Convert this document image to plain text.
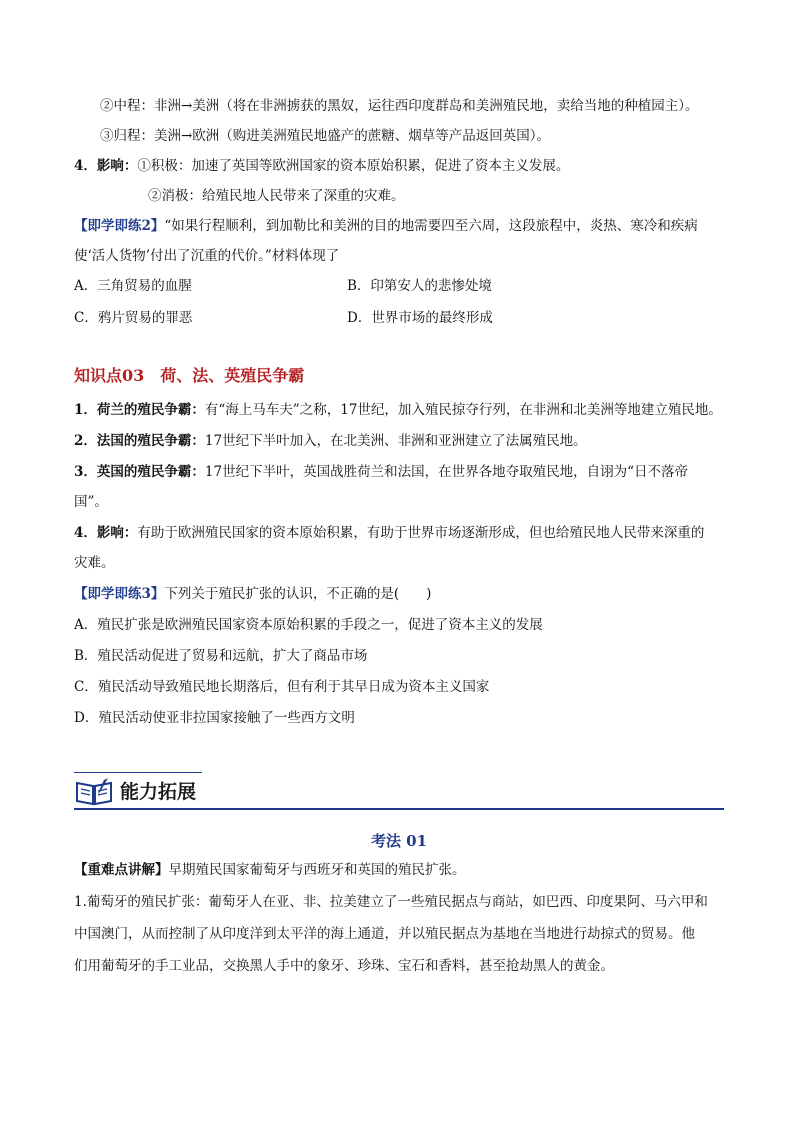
②中程：非洲→美洲（将在非洲掳获的黑奴，运往西印度群岛和美洲殖民地，卖给当地的种植园主）。
③归程：美洲→欧洲（购进美洲殖民地盛产的蔗糖、烟草等产品返回英国）。
4．影响：①积极：加速了英国等欧洲国家的资本原始积累，促进了资本主义发展。
②消极：给殖民地人民带来了深重的灾难。
【即学即练2】“如果行程顺利，到加勒比和美洲的目的地需要四至六周，这段旅程中，炎热、寒冷和疾病
使‘活人货物’付出了沉重的代价。”材料体现了
A．三角贸易的血腥	B．印第安人的悲惨处境
C．鸦片贸易的罪恶	D．世界市场的最终形成
知识点03　荷、法、英殖民争霸
1．荷兰的殖民争霸：有“海上马车夫”之称，17世纪，加入殖民掠夺行列，在非洲和北美洲等地建立殖民地。
2．法国的殖民争霸：17世纪下半叶加入，在北美洲、非洲和亚洲建立了法属殖民地。
3．英国的殖民争霸：17世纪下半叶，英国战胜荷兰和法国，在世界各地夺取殖民地，自诩为“日不落帝
国”。
4．影响：有助于欧洲殖民国家的资本原始积累，有助于世界市场逐渐形成，但也给殖民地人民带来深重的
灾难。
【即学即练3】下列关于殖民扩张的认识，不正确的是(　　)
A．殖民扩张是欧洲殖民国家资本原始积累的手段之一，促进了资本主义的发展
B．殖民活动促进了贸易和远航，扩大了商品市场
C．殖民活动导致殖民地长期落后，但有利于其早日成为资本主义国家
D．殖民活动使亚非拉国家接触了一些西方文明
能力拓展
考法 01
【重难点讲解】早期殖民国家葡萄牙与西班牙和英国的殖民扩张。
1.葡萄牙的殖民扩张：葡萄牙人在亚、非、拉美建立了一些殖民据点与商站，如巴西、印度果阿、马六甲和
中国澳门，从而控制了从印度洋到太平洋的海上通道，并以殖民据点为基地在当地进行劫掠式的贸易。他
们用葡萄牙的手工业品，交换黑人手中的象牙、珍珠、宝石和香料，甚至抢劫黑人的黄金。
